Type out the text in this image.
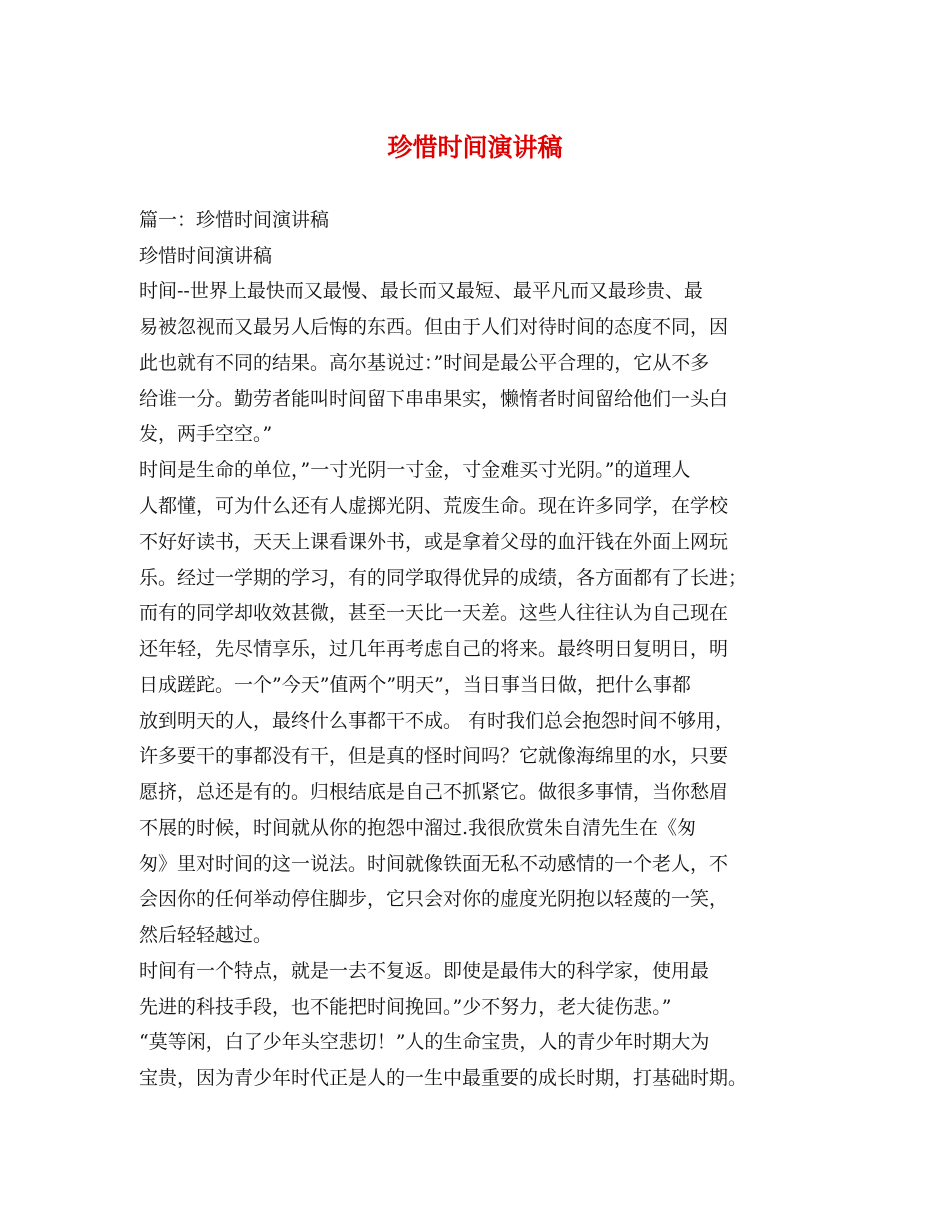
珍惜时间演讲稿
篇一：珍惜时间演讲稿
珍惜时间演讲稿
时间--世界上最快而又最慢、最长而又最短、最平凡而又最珍贵、最
易被忽视而又最另人后悔的东西。但由于人们对待时间的态度不同，因
此也就有不同的结果。高尔基说过：”时间是最公平合理的，它从不多
给谁一分。勤劳者能叫时间留下串串果实，懒惰者时间留给他们一头白
发，两手空空。”
时间是生命的单位，”一寸光阴一寸金，寸金难买寸光阴。”的道理人
人都懂，可为什么还有人虚掷光阴、荒废生命。现在许多同学，在学校
不好好读书，天天上课看课外书，或是拿着父母的血汗钱在外面上网玩
乐。经过一学期的学习，有的同学取得优异的成绩，各方面都有了长进；
而有的同学却收效甚微，甚至一天比一天差。这些人往往认为自己现在
还年轻，先尽情享乐，过几年再考虑自己的将来。最终明日复明日，明
日成蹉跎。一个”今天”值两个”明天”，当日事当日做，把什么事都
放到明天的人，最终什么事都干不成。 有时我们总会抱怨时间不够用，
许多要干的事都没有干，但是真的怪时间吗？它就像海绵里的水，只要
愿挤，总还是有的。归根结底是自己不抓紧它。做很多事情，当你愁眉
不展的时候，时间就从你的抱怨中溜过.我很欣赏朱自清先生在《匆
匆》里对时间的这一说法。时间就像铁面无私不动感情的一个老人，不
会因你的任何举动停住脚步，它只会对你的虚度光阴抱以轻蔑的一笑，
然后轻轻越过。
时间有一个特点，就是一去不复返。即使是最伟大的科学家，使用最
先进的科技手段，也不能把时间挽回。”少不努力，老大徒伤悲。”
“莫等闲，白了少年头空悲切！”人的生命宝贵，人的青少年时期大为
宝贵，因为青少年时代正是人的一生中最重要的成长时期，打基础时期。
